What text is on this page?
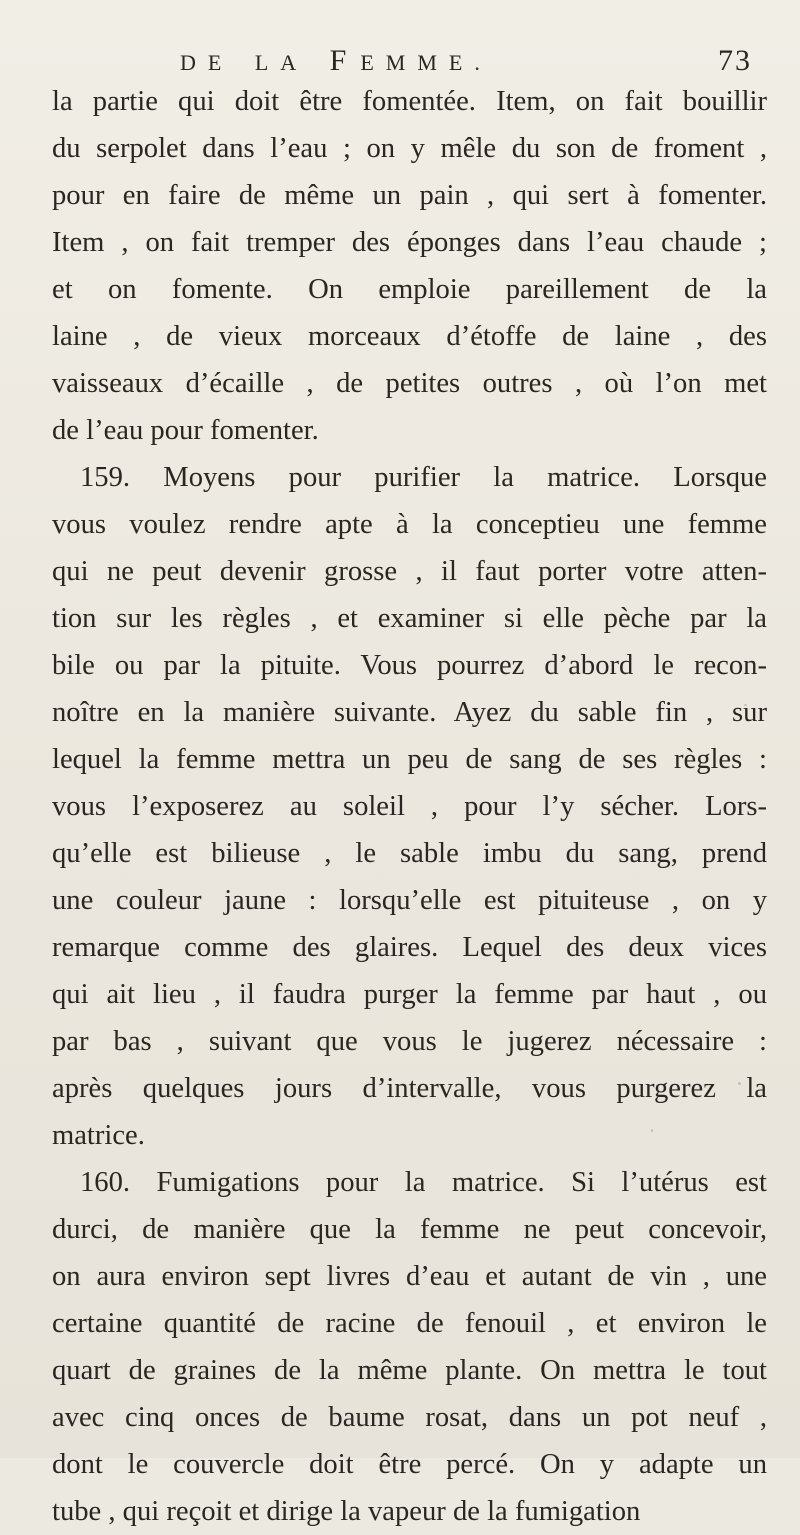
DE LA FEMME.	73
la partie qui doit être fomentée. Item, on fait bouillir
du serpolet dans l’eau ; on y mêle du son de froment ,
pour en faire de même un pain , qui sert à fomenter.
Item , on fait tremper des éponges dans l’eau chaude ;
et on fomente. On emploie pareillement de la
laine , de vieux morceaux d’étoffe de laine , des
vaisseaux d’écaille , de petites outres , où l’on met
de l’eau pour fomenter.
159. Moyens pour purifier la matrice. Lorsque
vous voulez rendre apte à la conceptieu une femme
qui ne peut devenir grosse , il faut porter votre atten-
tion sur les règles , et examiner si elle pèche par la
bile ou par la pituite. Vous pourrez d’abord le recon-
noître en la manière suivante. Ayez du sable fin , sur
lequel la femme mettra un peu de sang de ses règles :
vous l’exposerez au soleil , pour l’y sécher. Lors-
qu’elle est bilieuse , le sable imbu du sang, prend
une couleur jaune : lorsqu’elle est pituiteuse , on y
remarque comme des glaires. Lequel des deux vices
qui ait lieu , il faudra purger la femme par haut , ou
par bas , suivant que vous le jugerez nécessaire :
après quelques jours d’intervalle, vous purgerez la
matrice.
160. Fumigations pour la matrice. Si l’utérus est
durci, de manière que la femme ne peut concevoir,
on aura environ sept livres d’eau et autant de vin , une
certaine quantité de racine de fenouil , et environ le
quart de graines de la même plante. On mettra le tout
avec cinq onces de baume rosat, dans un pot neuf ,
dont le couvercle doit être percé. On y adapte un
tube , qui reçoit et dirige la vapeur de la fumigation
